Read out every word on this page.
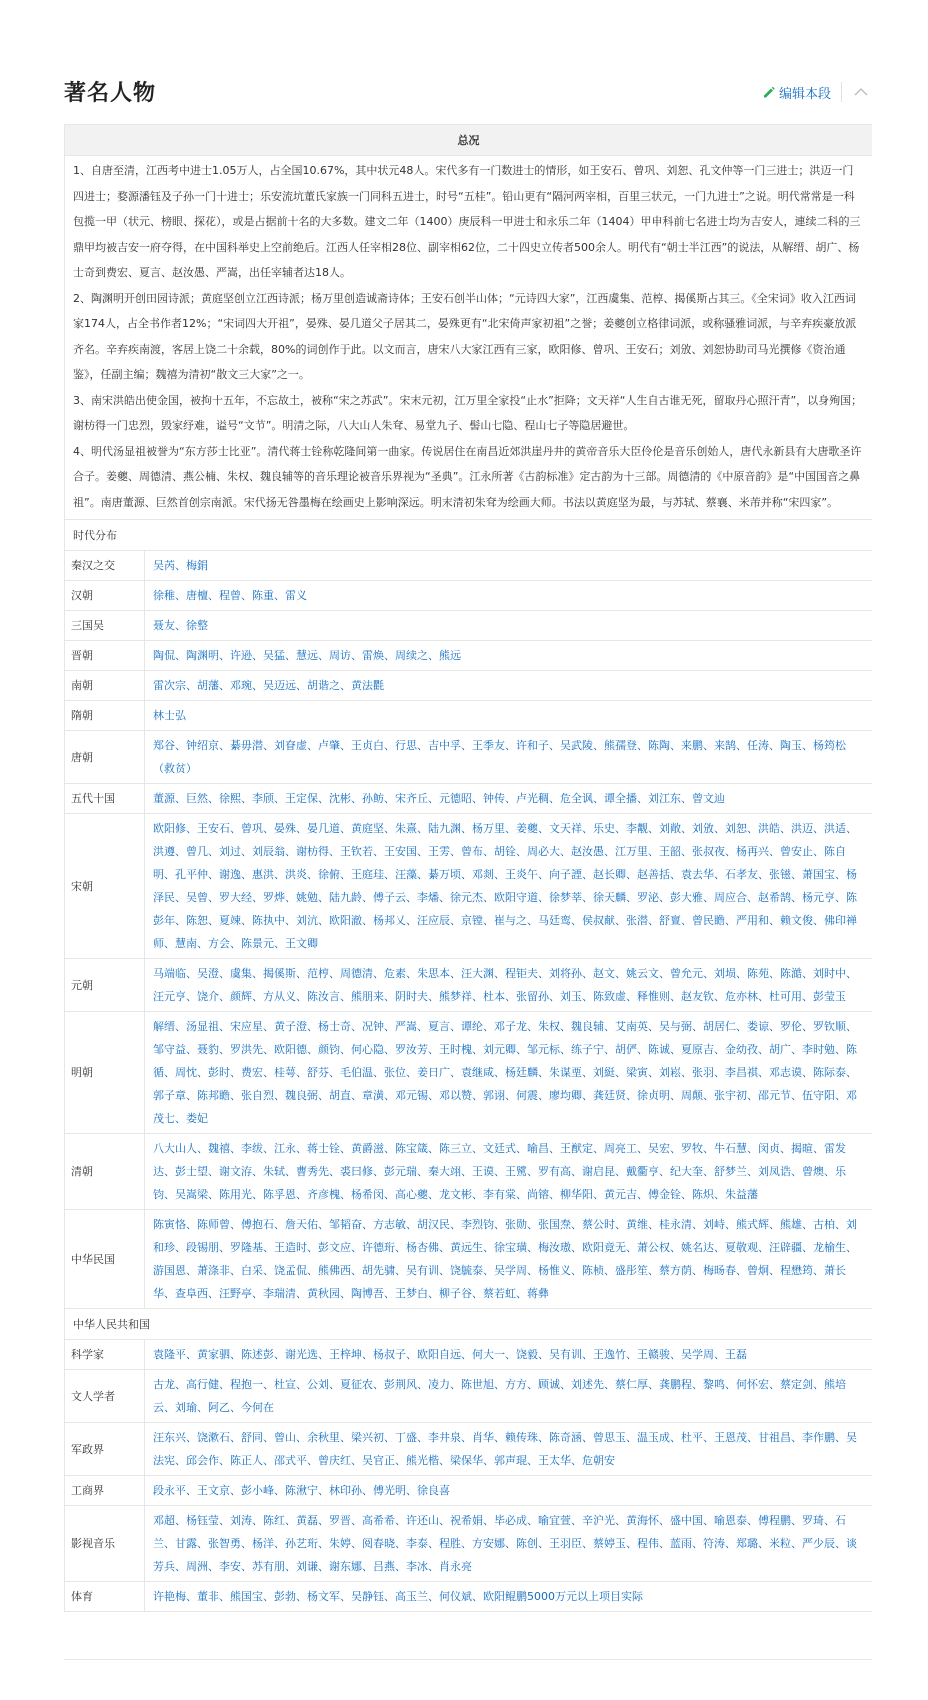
著名人物	编辑本段
总况	

1、自唐至清，江西考中进士1.05万人，占全国10.67%，其中状元48人。宋代多有一门数进士的情形，如王安石、曾巩、刘恕、孔文仲等一门三进士；洪迈一门四进士；婺源潘钰及子孙一门十进士；乐安流坑董氏家族一门同科五进士，时号“五桂”。铅山更有“隔河两宰相，百里三状元，一门九进士”之说。明代常常是一科包揽一甲（状元、榜眼、探花），或是占据前十名的大多数。建文二年（1400）庚辰科一甲进士和永乐二年（1404）甲申科前七名进士均为吉安人，連续二科的三鼎甲均被吉安一府夺得，在中国科举史上空前绝后。江西人任宰相28位、副宰相62位，二十四史立传者500余人。明代有“朝士半江西”的说法，从解缙、胡广、杨士奇到费宏、夏言、赵汝愚、严嵩，出任宰辅者达18人。

2、陶渊明开创田园诗派；黄庭坚创立江西诗派；杨万里创造诚斋诗体；王安石创半山体；“元诗四大家”，江西虞集、范椁、揭傒斯占其三。《全宋词》收入江西词家174人，占全书作者12%；“宋词四大开祖”，晏殊、晏几道父子居其二，晏殊更有“北宋倚声家初祖”之誉；姜夔创立格律词派，或称骚雅词派，与辛弃疾豪放派齐名。辛弃疾南渡，客居上饶二十余载，80%的词创作于此。以文而言，唐宋八大家江西有三家，欧阳修、曾巩、王安石；刘攽、刘恕协助司马光撰修《资治通鉴》，任副主编；魏禧为清初“散文三大家”之一。

3、南宋洪皓出使金国，被拘十五年，不忘故土，被称“宋之苏武”。宋末元初，江万里全家投“止水”拒降；文天祥“人生自古谁无死，留取丹心照汗青”，以身殉国；谢枋得一门忠烈，毁家纾难，谥号“文节”。明清之际，八大山人朱耷、易堂九子、髻山七隐、程山七子等隐居避世。

4、明代汤显祖被誉为“东方莎士比亚”。清代蒋士铨称乾隆间第一曲家。传说居住在南昌近郊洪崖丹井的黄帝音乐大臣伶伦是音乐创始人，唐代永新县有大唐歌圣许合子。姜夔、周德清、燕公楠、朱权、魏良辅等的音乐理论被音乐界视为“圣典”。江永所著《古韵标准》定古韵为十三部。周德清的《中原音韵》是“中国国音之鼻祖”。南唐董源、巨然首创宗南派。宋代扬无咎墨梅在绘画史上影响深远。明末清初朱耷为绘画大师。书法以黄庭坚为最，与苏轼、蔡襄、米芾并称“宋四家”。	

时代分布	
秦汉之交	吴芮、梅鋗
汉朝	徐稚、唐檀、程曾、陈重、雷义
三国吴	聂友、徐整
晋朝	陶侃、陶渊明、许逊、吴猛、慧远、周访、雷焕、周续之、熊远
南朝	雷次宗、胡藩、邓琬、吴迈远、胡谐之、黄法氍
隋朝	林士弘
唐朝	郑谷、钟绍京、綦毋潜、刘眘虚、卢肇、王贞白、行思、吉中孚、王季友、许和子、吴武陵、熊孺登、陈陶、来鹏、来鹄、任涛、陶玉、杨筠松（救贫）
五代十国	董源、巨然、徐熙、李颀、王定保、沈彬、孙鲂、宋齐丘、元德昭、钟传、卢光稠、危全讽、谭全播、刘江东、曾文辿
宋朝	欧阳修、王安石、曾巩、晏殊、晏几道、黄庭坚、朱熹、陆九渊、杨万里、姜夔、文天祥、乐史、李觏、刘敞、刘攽、刘恕、洪皓、洪迈、洪适、洪遵、曾几、刘过、刘辰翁、谢枋得、王钦若、王安国、王雱、曾布、胡铨、周必大、赵汝愚、江万里、王韶、张叔夜、杨再兴、曾安止、陈自明、孔平仲、谢逸、惠洪、洪炎、徐俯、王庭珪、汪藻、綦万顷、邓剡、王炎午、向子諲、赵长卿、赵善括、袁去华、石孝友、张镃、萧国宝、杨泽民、吴曾、罗大经、罗烨、姚勉、陆九龄、傅子云、李燔、徐元杰、欧阳守道、徐梦莘、徐天麟、罗泌、彭大雅、周应合、赵希鹄、杨元亨、陈彭年、陈恕、夏竦、陈执中、刘沆、欧阳澈、杨邦乂、汪应辰、京镗、崔与之、马廷鸾、侯叔献、张潜、舒亶、曾民瞻、严用和、赖文俊、佛印禅师、慧南、方会、陈景元、王文卿
元朝	马端临、吴澄、虞集、揭傒斯、范梈、周德清、危素、朱思本、汪大渊、程钜夫、刘将孙、赵文、姚云文、曾允元、刘埙、陈苑、陈澔、刘时中、汪元亨、饶介、颜辉、方从义、陈汝言、熊朋来、阴时夫、熊梦祥、杜本、张留孙、刘玉、陈致虚、释惟则、赵友钦、危亦林、杜可用、彭莹玉
明朝	解缙、汤显祖、宋应星、黄子澄、杨士奇、况钟、严嵩、夏言、谭纶、邓子龙、朱权、魏良辅、艾南英、吴与弼、胡居仁、娄谅、罗伦、罗钦顺、邹守益、聂豹、罗洪先、欧阳德、颜钧、何心隐、罗汝芳、王时槐、刘元卿、邹元标、练子宁、胡俨、陈诚、夏原吉、金幼孜、胡广、李时勉、陈循、周忱、彭时、费宏、桂萼、舒芬、毛伯温、张位、姜日广、袁继咸、杨廷麟、朱谋垔、刘綎、梁寅、刘崧、张羽、李昌祺、邓志谟、陈际泰、郭子章、陈邦瞻、张自烈、魏良弼、胡直、章潢、邓元锡、邓以赞、郭诩、何震、廖均卿、龚廷贤、徐贞明、周颠、张宇初、邵元节、伍守阳、邓茂七、娄妃
清朝	八大山人、魏禧、李绂、江永、蒋士铨、黄爵滋、陈宝箴、陈三立、文廷式、喻昌、王猷定、周亮工、吴宏、罗牧、牛石慧、闵贞、揭暄、雷发达、彭士望、谢文洊、朱轼、曹秀先、裘曰修、彭元瑞、秦大翊、王谟、王騭、罗有高、谢启昆、戴衢亨、纪大奎、舒梦兰、刘凤诰、曾燠、乐钧、吴嵩梁、陈用光、陈孚恩、齐彦槐、杨希闵、高心夔、龙文彬、李有棠、尚镕、柳华阳、黄元吉、傅金铨、陈炽、朱益藩
中华民国	陈寅恪、陈师曾、傅抱石、詹天佑、邹韬奋、方志敏、胡汉民、李烈钧、张勋、张国焘、蔡公时、黄维、桂永清、刘峙、熊式辉、熊雄、古柏、刘和珍、段锡朋、罗隆基、王造时、彭文应、许德珩、杨杏佛、黄远生、徐宝璜、梅汝璈、欧阳竟无、萧公权、姚名达、夏敬观、汪辟疆、龙榆生、游国恩、萧涤非、白采、饶孟侃、熊佛西、胡先骕、吴有训、饶毓泰、吴学周、杨惟义、陈桢、盛彤笙、蔡方荫、梅旸春、曾炯、程懋筠、萧长华、查阜西、汪野亭、李瑞清、黄秋园、陶博吾、王梦白、柳子谷、蔡若虹、蒋彝
中华人民共和国	
科学家	袁隆平、黄家驷、陈述彭、谢光选、王梓坤、杨叔子、欧阳自远、何大一、饶毅、吴有训、王逸竹、王赣骏、吴学周、王磊
文人学者	古龙、高行健、程抱一、杜宣、公刘、夏征农、彭荆风、凌力、陈世旭、方方、顾诚、刘述先、蔡仁厚、龚鹏程、黎鸣、何怀宏、蔡定剑、熊培云、刘瑜、阿乙、今何在
军政界	汪东兴、饶漱石、舒同、曾山、余秋里、梁兴初、丁盛、李井泉、肖华、赖传珠、陈奇涵、曾思玉、温玉成、杜平、王恩茂、甘祖昌、李作鹏、吴法宪、邱会作、陈正人、邵式平、曾庆红、吴官正、熊光楷、梁保华、郭声琨、王太华、危朝安
工商界	段永平、王文京、彭小峰、陈湫宁、林印孙、傅光明、徐良喜
影视音乐	邓超、杨钰莹、刘涛、陈红、黄磊、罗晋、高希希、许还山、祝希娟、毕必成、喻宜萱、辛沪光、黄海怀、盛中国、喻恩泰、傅程鹏、罗琦、石兰、甘露、张智勇、杨洋、孙艺珩、朱婷、阅春晓、李泰、程胜、方安娜、陈创、王羽臣、蔡婷玉、程伟、蓝雨、符涛、郑璐、米粒、严少辰、谈芳兵、周洲、李安、苏有朋、刘谦、谢东娜、吕燕、李冰、肖永亮
体育	许艳梅、董非、熊国宝、彭勃、杨文军、吴静钰、高玉兰、何仪斌、欧阳鲲鹏5000万元以上项目实际
